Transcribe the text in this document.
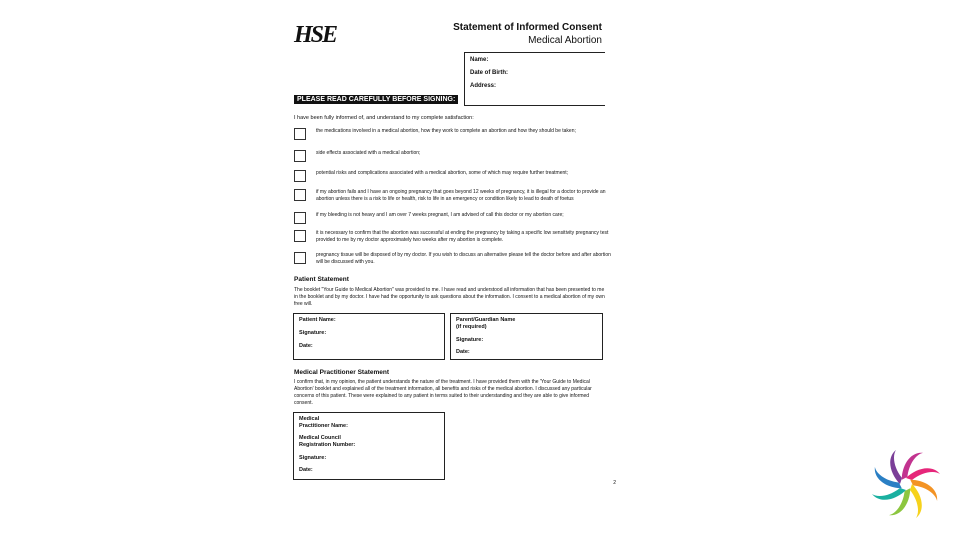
HSE	Statement of Informed Consent
Medical Abortion
Name:
Date of Birth:
Address:
PLEASE READ CAREFULLY BEFORE SIGNING:
I have been fully informed of, and understand to my complete satisfaction:
the medications involved in a medical abortion, how they work to complete an abortion and how they should be taken;
side effects associated with a medical abortion;
potential risks and complications associated with a medical abortion, some of which may require further treatment;
if my abortion fails and I have an ongoing pregnancy that goes beyond 12 weeks of pregnancy, it is illegal for a doctor to provide an abortion unless there is a risk to life or health, risk to life in an emergency or condition likely to lead to death of foetus
if my bleeding is not heavy and I am over 7 weeks pregnant, I am advised of call this doctor or my abortion care;
it is necessary to confirm that the abortion was successful at ending the pregnancy by taking a specific low sensitivity pregnancy test provided to me by my doctor approximately two weeks after my abortion is complete.
pregnancy tissue will be disposed of by my doctor. If you wish to discuss an alternative please tell the doctor before and after abortion will be discussed with you.
Patient Statement
The booklet "Your Guide to Medical Abortion" was provided to me. I have read and understood all information that has been presented to me in the booklet and by my doctor. I have had the opportunity to ask questions about the information. I consent to a medical abortion of my own free will.
Patient Name:
Signature:
Date:
Parent/Guardian Name
(if required)
Signature:
Date:
Medical Practitioner Statement
I confirm that, in my opinion, the patient understands the nature of the treatment. I have provided them with the 'Your Guide to Medical Abortion' booklet and explained all of the treatment information, all benefits and risks of the medical abortion. I discussed any particular concerns of this patient. These were explained to any patient in terms suited to their understanding and they are able to give informed consent.
Medical
Practitioner Name:
Medical Council
Registration Number:
Signature:
Date:
2
